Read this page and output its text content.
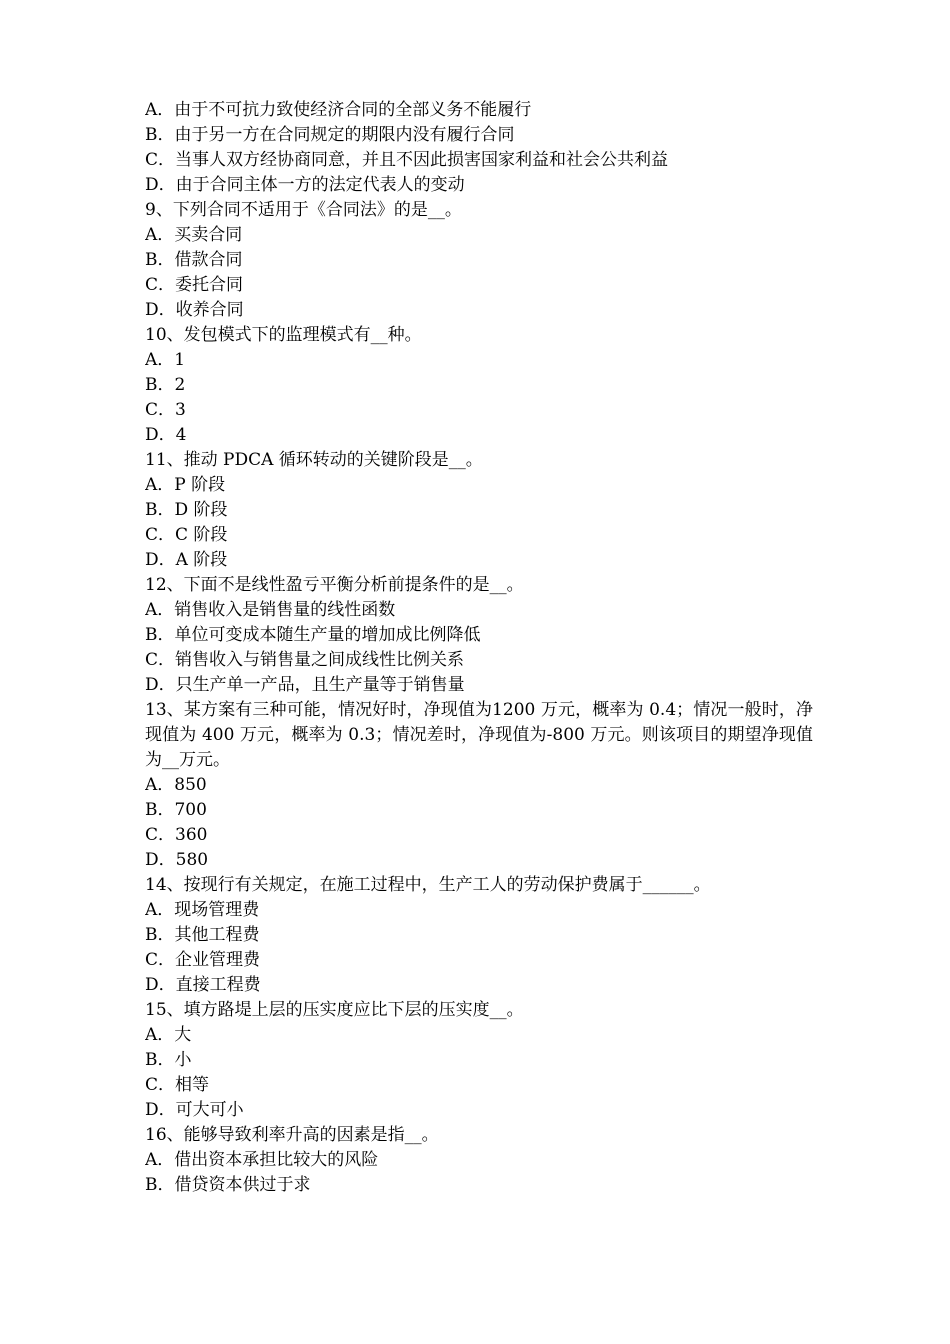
A．由于不可抗力致使经济合同的全部义务不能履行
B．由于另一方在合同规定的期限内没有履行合同
C．当事人双方经协商同意，并且不因此损害国家利益和社会公共利益
D．由于合同主体一方的法定代表人的变动
9、下列合同不适用于《合同法》的是__。
A．买卖合同
B．借款合同
C．委托合同
D．收养合同
10、发包模式下的监理模式有__种。
A．1
B．2
C．3
D．4
11、推动 PDCA 循环转动的关键阶段是__。
A．P 阶段
B．D 阶段
C．C 阶段
D．A 阶段
12、下面不是线性盈亏平衡分析前提条件的是__。
A．销售收入是销售量的线性函数
B．单位可变成本随生产量的增加成比例降低
C．销售收入与销售量之间成线性比例关系
D．只生产单一产品，且生产量等于销售量
13、某方案有三种可能，情况好时，净现值为1200 万元，概率为 0.4；情况一般时，净现值为 400 万元，概率为 0.3；情况差时，净现值为-800 万元。则该项目的期望净现值为__万元。
A．850
B．700
C．360
D．580
14、按现行有关规定，在施工过程中，生产工人的劳动保护费属于______。
A．现场管理费
B．其他工程费
C．企业管理费
D．直接工程费
15、填方路堤上层的压实度应比下层的压实度__。
A．大
B．小
C．相等
D．可大可小
16、能够导致利率升高的因素是指__。
A．借出资本承担比较大的风险
B．借贷资本供过于求
